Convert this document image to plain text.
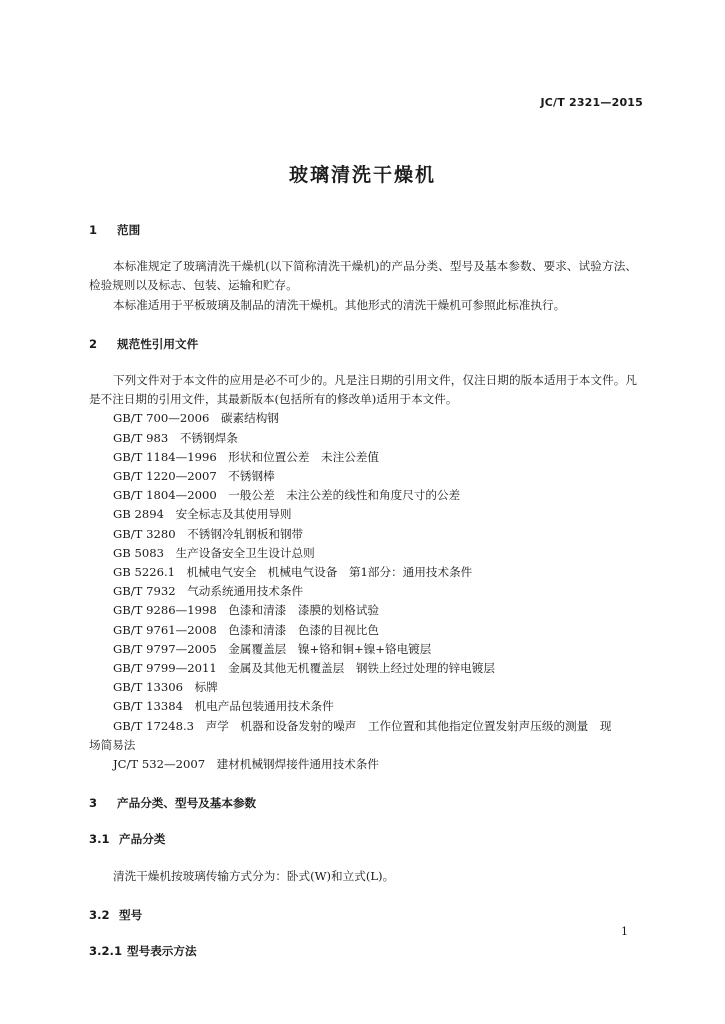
JC/T 2321—2015
玻璃清洗干燥机
1 范围

本标准规定了玻璃清洗干燥机(以下简称清洗干燥机)的产品分类、型号及基本参数、要求、试验方法、检验规则以及标志、包装、运输和贮存。

本标准适用于平板玻璃及制品的清洗干燥机。其他形式的清洗干燥机可参照此标准执行。

2 规范性引用文件

下列文件对于本文件的应用是必不可少的。凡是注日期的引用文件，仅注日期的版本适用于本文件。凡是不注日期的引用文件，其最新版本(包括所有的修改单)适用于本文件。

GB/T 700—2006　碳素结构钢

GB/T 983　不锈钢焊条

GB/T 1184—1996　形状和位置公差　未注公差值

GB/T 1220—2007　不锈钢棒

GB/T 1804—2000　一般公差　未注公差的线性和角度尺寸的公差

GB 2894　安全标志及其使用导则

GB/T 3280　不锈钢冷轧钢板和钢带

GB 5083　生产设备安全卫生设计总则

GB 5226.1　机械电气安全　机械电气设备　第1部分：通用技术条件

GB/T 7932　气动系统通用技术条件

GB/T 9286—1998　色漆和清漆　漆膜的划格试验

GB/T 9761—2008　色漆和清漆　色漆的目视比色

GB/T 9797—2005　金属覆盖层　镍+铬和铜+镍+铬电镀层

GB/T 9799—2011　金属及其他无机覆盖层　钢铁上经过处理的锌电镀层

GB/T 13306　标牌

GB/T 13384　机电产品包装通用技术条件

GB/T 17248.3　声学　机器和设备发射的噪声　工作位置和其他指定位置发射声压级的测量　现

场简易法

JC/T 532—2007　建材机械钢焊接件通用技术条件

3 产品分类、型号及基本参数
3.1 产品分类

清洗干燥机按玻璃传输方式分为：卧式(W)和立式(L)。

3.2 型号
3.2.1 型号表示方法
1
